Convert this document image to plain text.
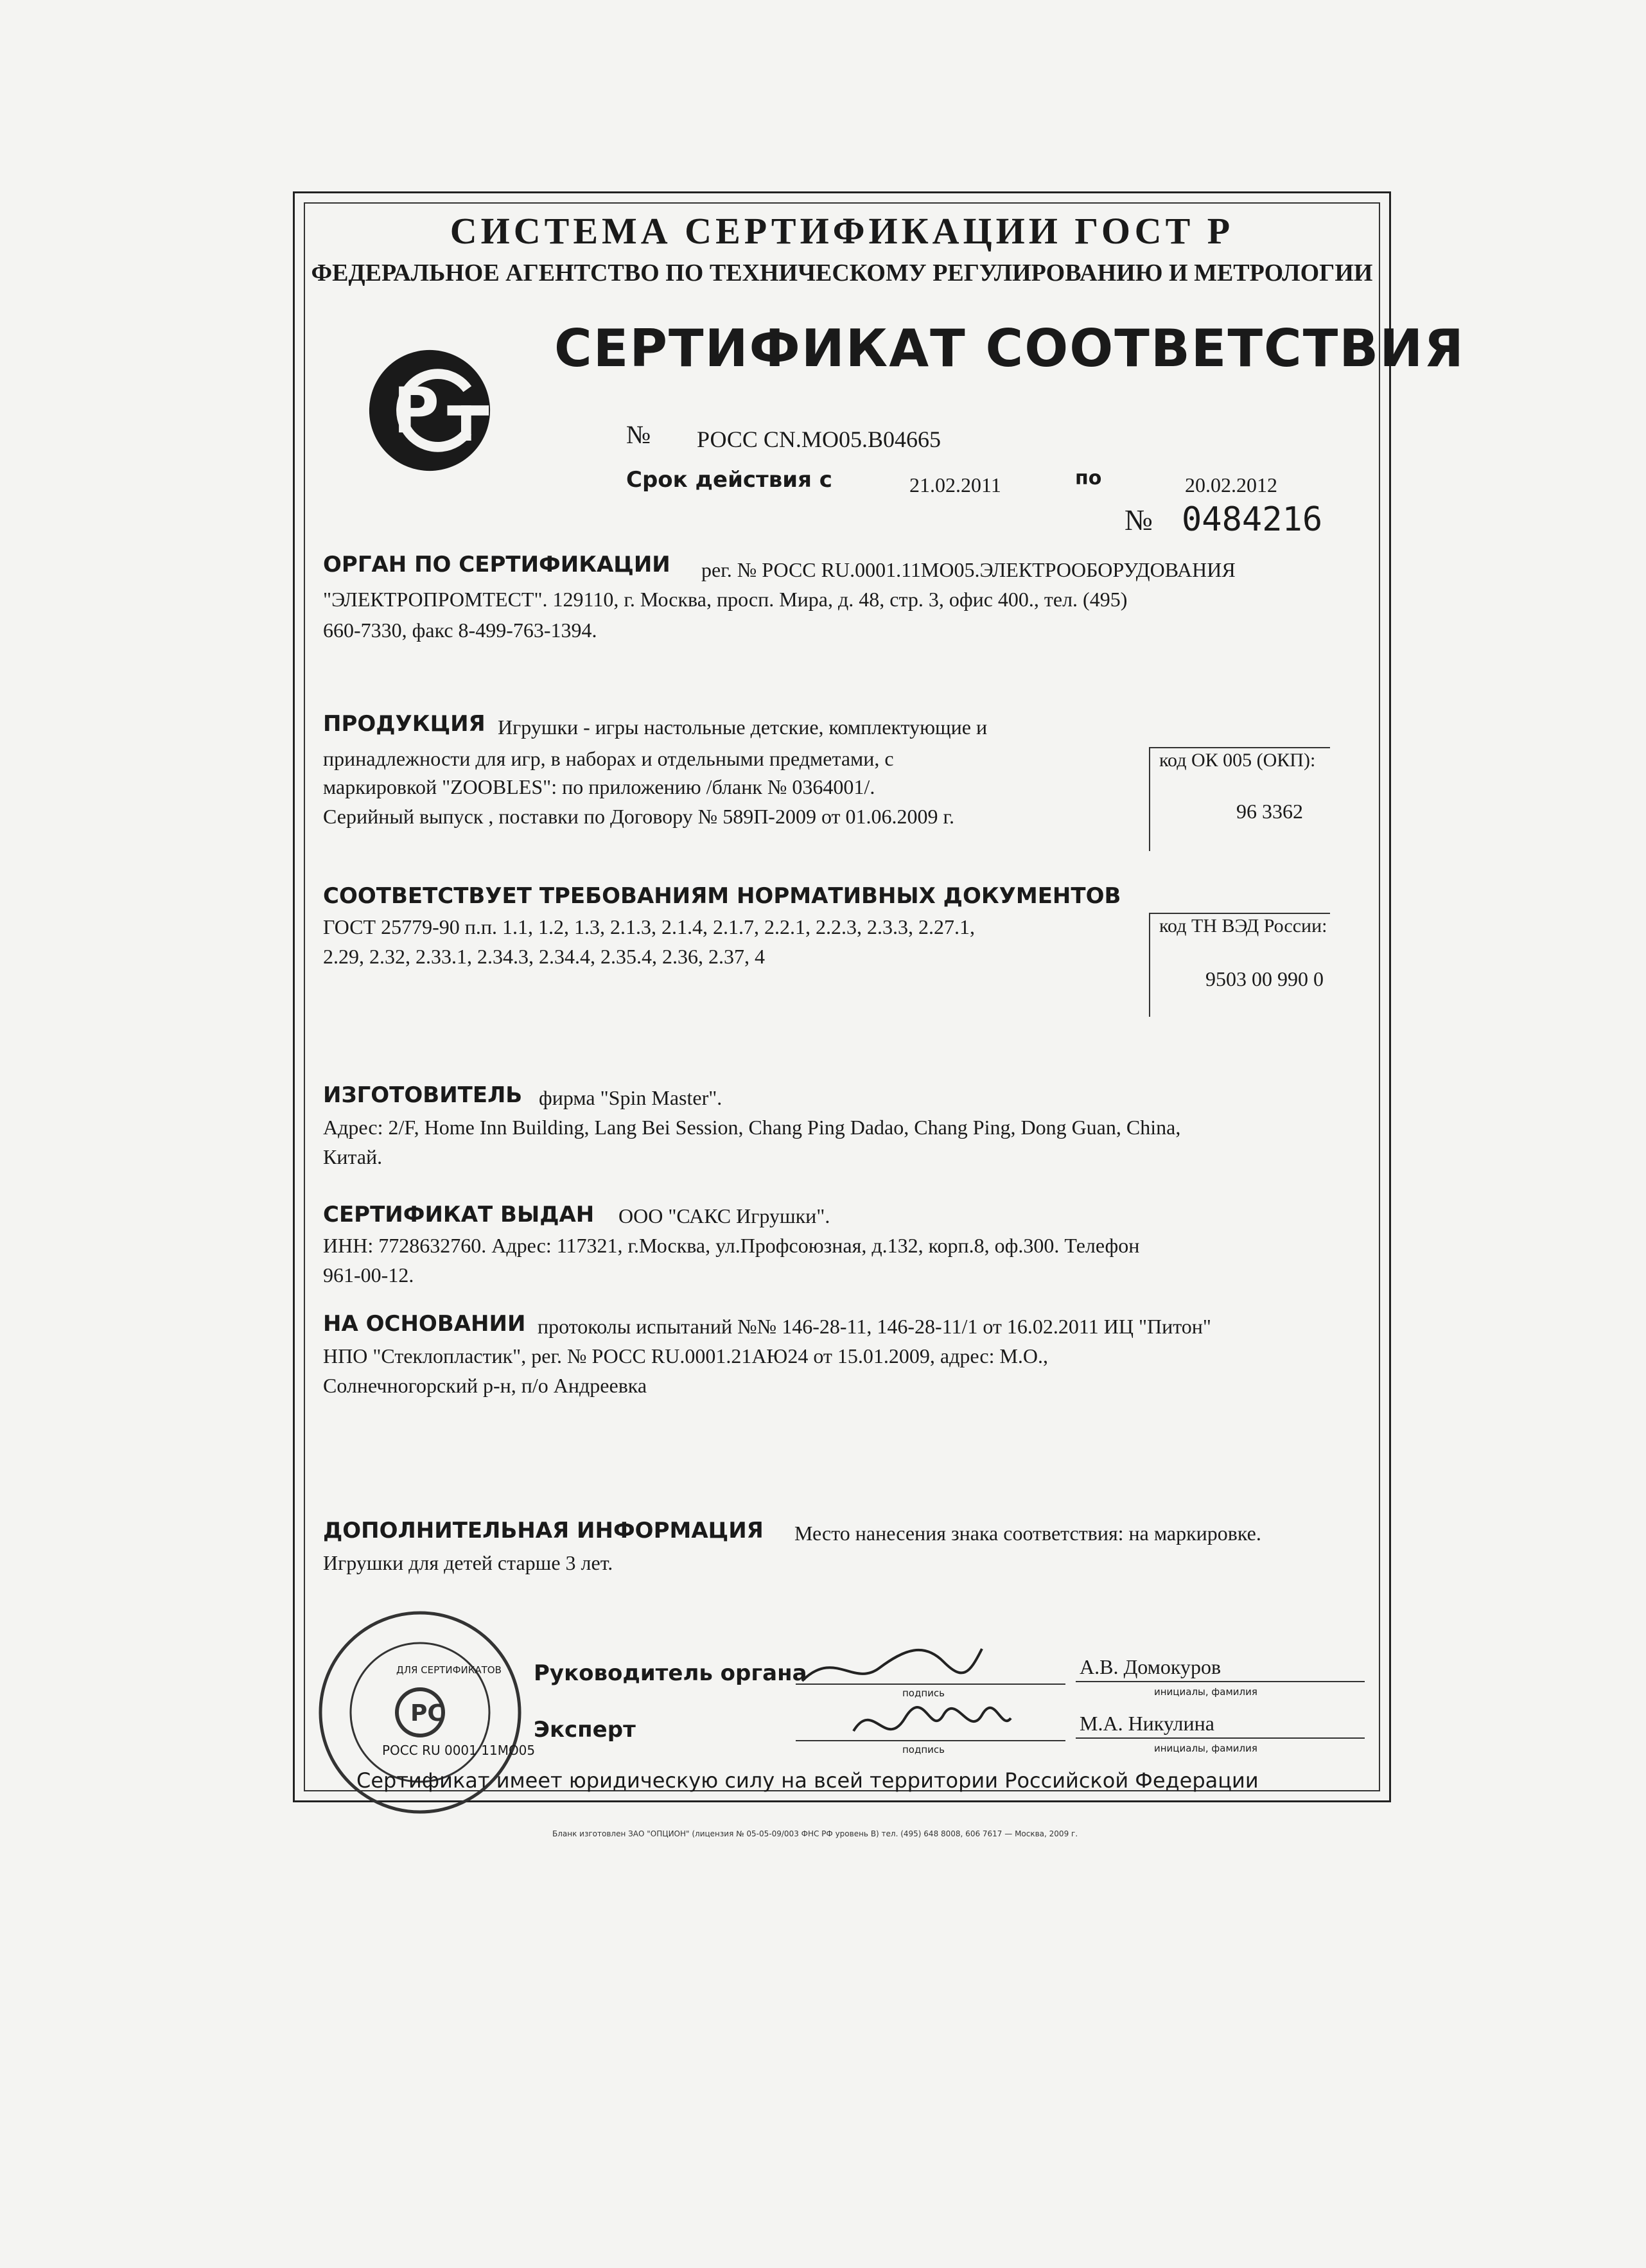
СИСТЕМА СЕРТИФИКАЦИИ ГОСТ Р
ФЕДЕРАЛЬНОЕ АГЕНТСТВО ПО ТЕХНИЧЕСКОМУ РЕГУЛИРОВАНИЮ И МЕТРОЛОГИИ
Р
СЕРТИФИКАТ СООТВЕТСТВИЯ
№ РОСС CN.МО05.В04665
Срок действия с	21.02.2011	по	20.02.2012
№ 0484216
ОРГАН ПО СЕРТИФИКАЦИИ рег. № РОСС RU.0001.11МО05.ЭЛЕКТРООБОРУДОВАНИЯ
"ЭЛЕКТРОПРОМТЕСТ". 129110, г. Москва, просп. Мира, д. 48, стр. 3, офис 400., тел. (495)
660-7330, факс 8-499-763-1394.
ПРОДУКЦИЯ Игрушки - игры настольные детские, комплектующие и
принадлежности для игр, в наборах и отдельными предметами, с
маркировкой "ZOOBLES": по приложению /бланк № 0364001/.
Серийный выпуск , поставки по Договору № 589П-2009 от 01.06.2009 г.
код ОК 005 (ОКП):
96 3362
СООТВЕТСТВУЕТ ТРЕБОВАНИЯМ НОРМАТИВНЫХ ДОКУМЕНТОВ
ГОСТ 25779-90 п.п. 1.1, 1.2, 1.3, 2.1.3, 2.1.4, 2.1.7, 2.2.1, 2.2.3, 2.3.3, 2.27.1,
2.29, 2.32, 2.33.1, 2.34.3, 2.34.4, 2.35.4, 2.36, 2.37, 4
код ТН ВЭД России:
9503 00 990 0
ИЗГОТОВИТЕЛЬ фирма "Spin Master".
Адрес: 2/F, Home Inn Building, Lang Bei Session, Chang Ping Dadao, Chang Ping, Dong Guan, China,
Китай.
СЕРТИФИКАТ ВЫДАН ООО "САКС Игрушки".
ИНН: 7728632760. Адрес: 117321, г.Москва, ул.Профсоюзная, д.132, корп.8, оф.300. Телефон
961-00-12.
НА ОСНОВАНИИ протоколы испытаний №№ 146-28-11, 146-28-11/1 от 16.02.2011 ИЦ "Питон"
НПО "Стеклопластик", рег. № РОСС RU.0001.21АЮ24 от 15.01.2009, адрес: М.О.,
Солнечногорский р-н, п/о Андреевка
ДОПОЛНИТЕЛЬНАЯ ИНФОРМАЦИЯ Место нанесения знака соответствия: на маркировке.
Игрушки для детей старше 3 лет.
PC
ДЛЯ СЕРТИФИКАТОВ
РОСС RU 0001 11МО05
Руководитель органа
подпись
А.В. Домокуров
инициалы, фамилия
Эксперт
подпись
М.А. Никулина
инициалы, фамилия
Сертификат имеет юридическую силу на всей территории Российской Федерации
Бланк изготовлен ЗАО "ОПЦИОН" (лицензия № 05-05-09/003 ФНС РФ уровень В) тел. (495) 648 8008, 606 7617 — Москва, 2009 г.
